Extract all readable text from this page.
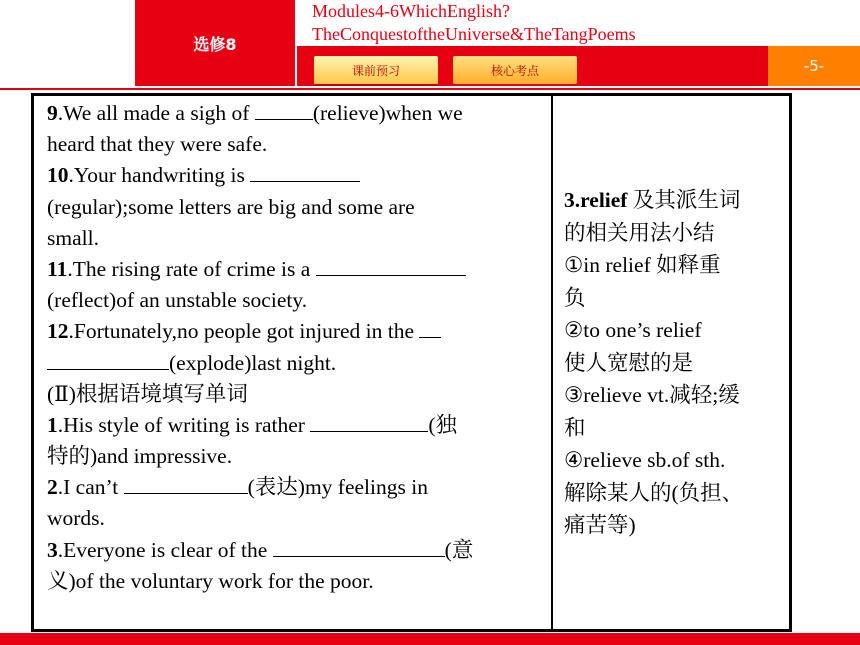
选修8
Modules4-6WhichEnglish?
TheConquestoftheUniverse&TheTangPoems
-5-
课前预习	核心考点
9.We all made a sigh of	(relieve)when we
heard that they were safe.
10.Your handwriting is
(regular);some letters are big and some are
small.
11.The rising rate of crime is a
(reflect)of an unstable society.
12.Fortunately,no people got injured in the
(explode)last night.
(Ⅱ)根据语境填写单词
1.His style of writing is rather	(独
特的)and impressive.
2.I can’t	(表达)my feelings in
words.
3.Everyone is clear of the	(意
义)of the voluntary work for the poor.
3.relief 及其派生词
的相关用法小结
①in relief 如释重
负
②to one’s relief
使人宽慰的是
③relieve vt.减轻;缓
和
④relieve sb.of sth.
解除某人的(负担、
痛苦等)
